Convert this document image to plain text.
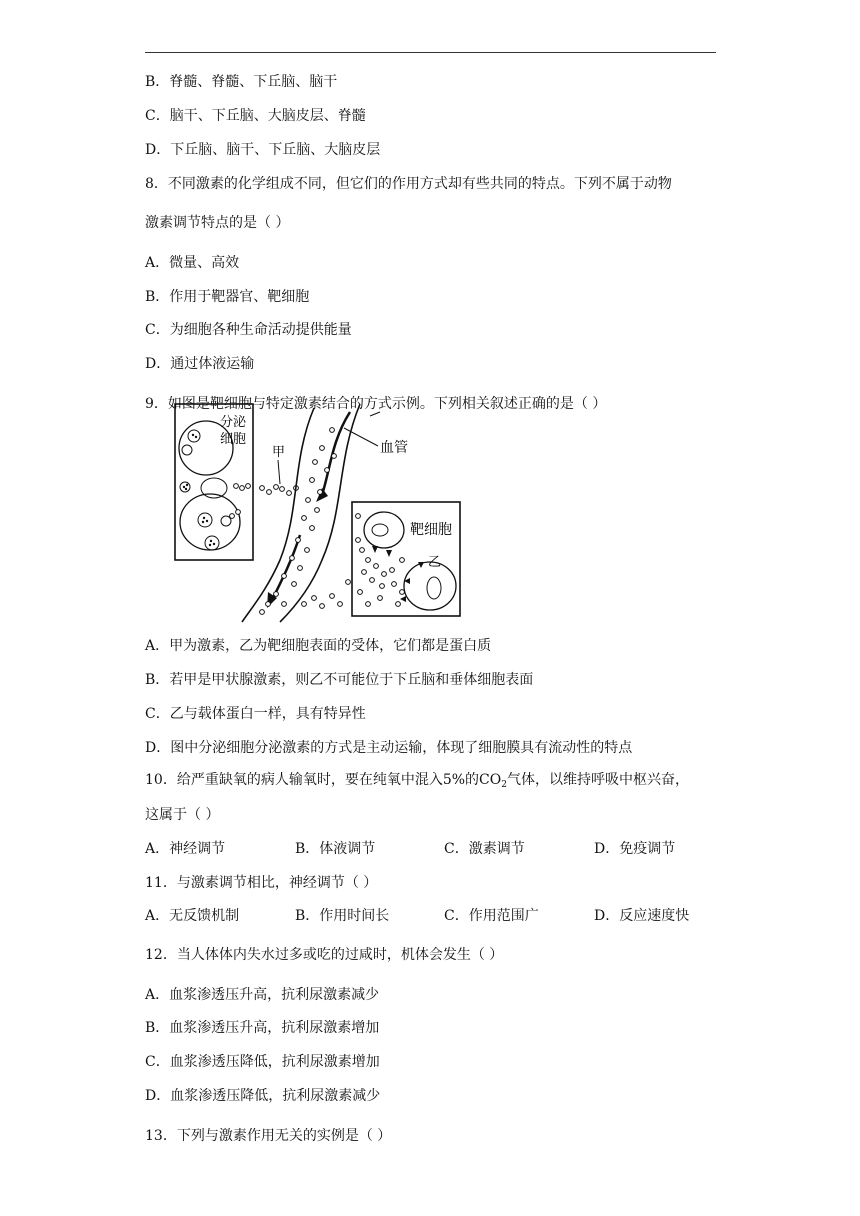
B．脊髓、脊髓、下丘脑、脑干
C．脑干、下丘脑、大脑皮层、脊髓
D．下丘脑、脑干、下丘脑、大脑皮层
8．不同激素的化学组成不同，但它们的作用方式却有些共同的特点。下列不属于动物
激素调节特点的是（ ）
A．微量、高效
B．作用于靶器官、靶细胞
C．为细胞各种生命活动提供能量
D．通过体液运输
9．如图是靶细胞与特定激素结合的方式示例。下列相关叙述正确的是（ ）
分泌
细胞
甲	血管
靶细胞
乙
A．甲为激素，乙为靶细胞表面的受体，它们都是蛋白质
B．若甲是甲状腺激素，则乙不可能位于下丘脑和垂体细胞表面
C．乙与载体蛋白一样，具有特异性
D．图中分泌细胞分泌激素的方式是主动运输，体现了细胞膜具有流动性的特点
10．给严重缺氧的病人输氧时，要在纯氧中混入5%的$CO_2$气体，以维持呼吸中枢兴奋，
这属于（ ）
A．神经调节	B．体液调节	C．激素调节	D．免疫调节
11．与激素调节相比，神经调节（ ）
A．无反馈机制	B．作用时间长	C．作用范围广	D．反应速度快
12．当人体体内失水过多或吃的过咸时，机体会发生（ ）
A．血浆渗透压升高，抗利尿激素减少
B．血浆渗透压升高，抗利尿激素增加
C．血浆渗透压降低，抗利尿激素增加
D．血浆渗透压降低，抗利尿激素减少
13．下列与激素作用无关的实例是（ ）
